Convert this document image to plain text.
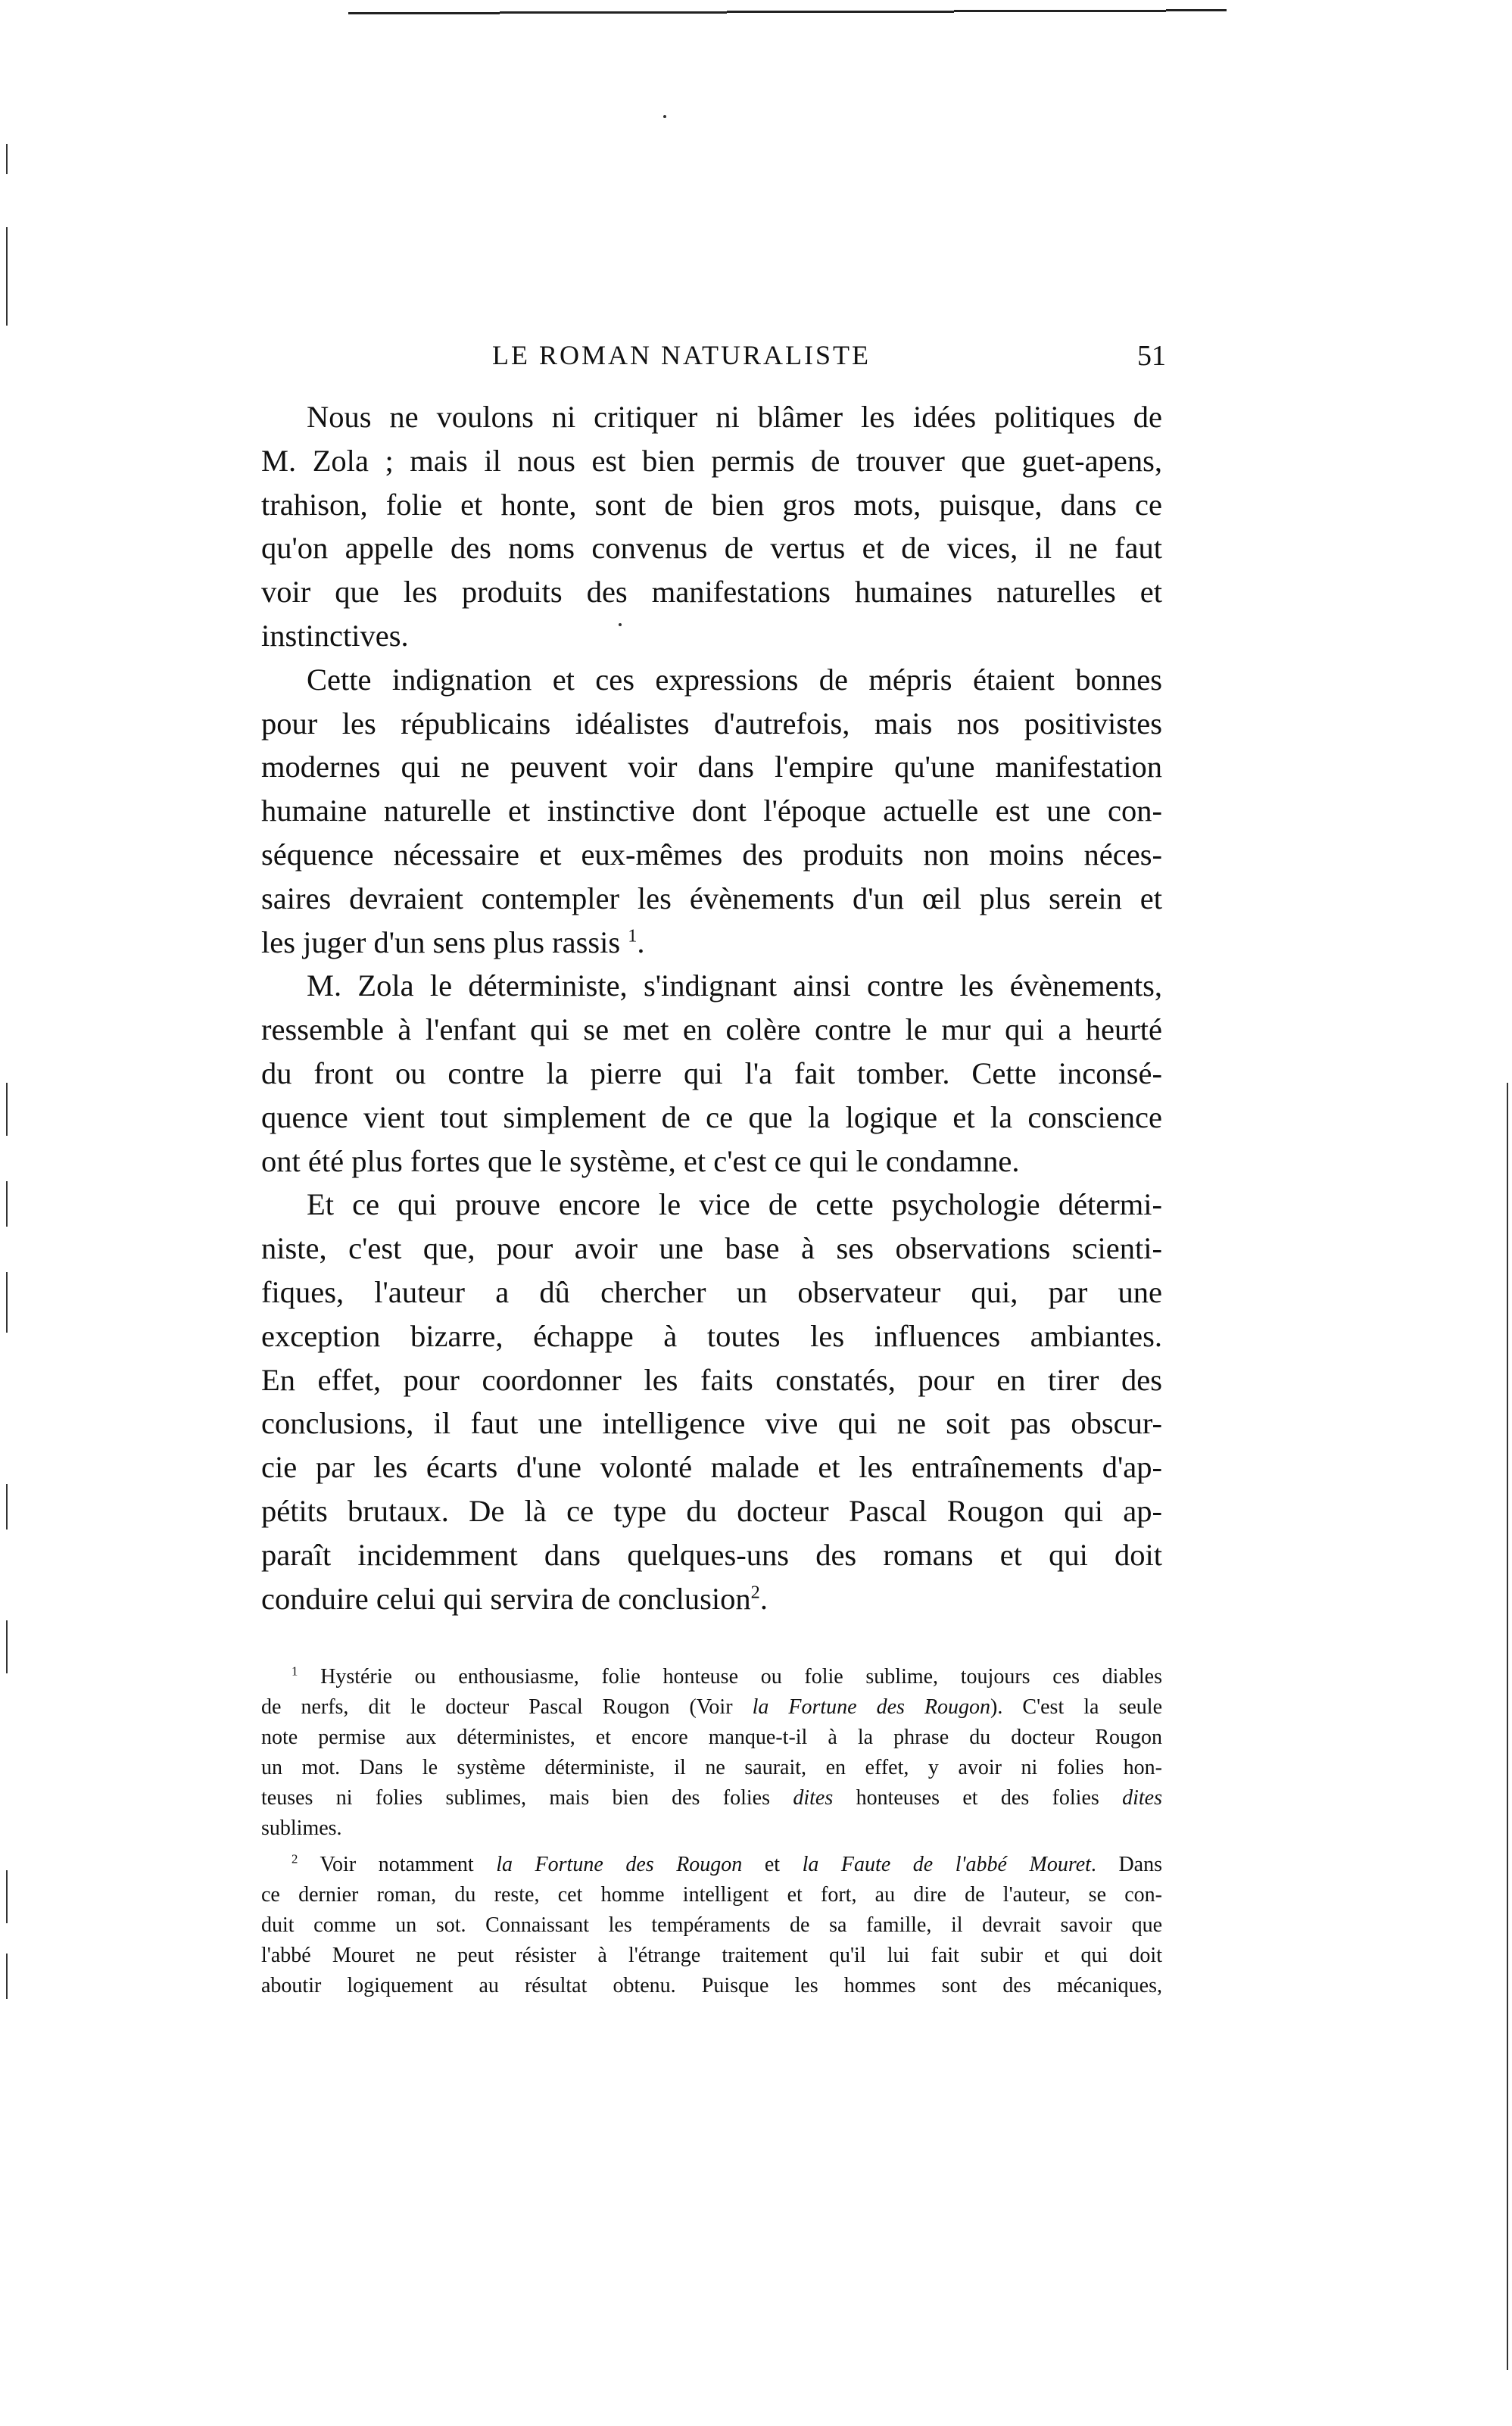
LE ROMAN NATURALISTE	51

Nous ne voulons ni critiquer ni blâmer les idées politiques de
M. Zola ; mais il nous est bien permis de trouver que guet-apens,
trahison, folie et honte, sont de bien gros mots, puisque, dans ce
qu'on appelle des noms convenus de vertus et de vices, il ne faut
voir que les produits des manifestations humaines naturelles et
instinctives.

Cette indignation et ces expressions de mépris étaient bonnes
pour les républicains idéalistes d'autrefois, mais nos positivistes
modernes qui ne peuvent voir dans l'empire qu'une manifestation
humaine naturelle et instinctive dont l'époque actuelle est une con-
séquence nécessaire et eux-mêmes des produits non moins néces-
saires devraient contempler les évènements d'un œil plus serein et
les juger d'un sens plus rassis $^1$.

M. Zola le déterministe, s'indignant ainsi contre les évènements,
ressemble à l'enfant qui se met en colère contre le mur qui a heurté
du front ou contre la pierre qui l'a fait tomber. Cette inconsé-
quence vient tout simplement de ce que la logique et la conscience
ont été plus fortes que le système, et c'est ce qui le condamne.

Et ce qui prouve encore le vice de cette psychologie détermi-
niste, c'est que, pour avoir une base à ses observations scienti-
fiques, l'auteur a dû chercher un observateur qui, par une
exception bizarre, échappe à toutes les influences ambiantes.
En effet, pour coordonner les faits constatés, pour en tirer des
conclusions, il faut une intelligence vive qui ne soit pas obscur-
cie par les écarts d'une volonté malade et les entraînements d'ap-
pétits brutaux. De là ce type du docteur Pascal Rougon qui ap-
paraît incidemment dans quelques-uns des romans et qui doit
conduire celui qui servira de conclusion$^2$.

$^1$ Hystérie ou enthousiasme, folie honteuse ou folie sublime, toujours ces diables
de nerfs, dit le docteur Pascal Rougon (Voir la Fortune des Rougon). C'est la seule
note permise aux déterministes, et encore manque-t-il à la phrase du docteur Rougon
un mot. Dans le système déterministe, il ne saurait, en effet, y avoir ni folies hon-
teuses ni folies sublimes, mais bien des folies dites honteuses et des folies dites
sublimes.
$^2$ Voir notamment la Fortune des Rougon et la Faute de l'abbé Mouret. Dans
ce dernier roman, du reste, cet homme intelligent et fort, au dire de l'auteur, se con-
duit comme un sot. Connaissant les tempéraments de sa famille, il devrait savoir que
l'abbé Mouret ne peut résister à l'étrange traitement qu'il lui fait subir et qui doit
aboutir logiquement au résultat obtenu. Puisque les hommes sont des mécaniques,
